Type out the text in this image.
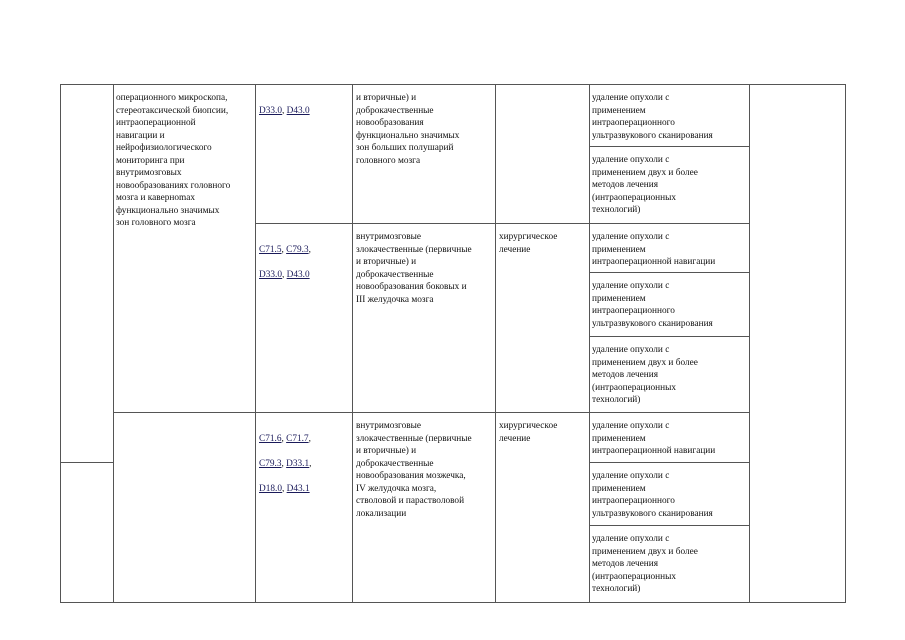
операционного микроскопа,
стереотаксической биопсии,
интраоперационной
навигации и
нейрофизиологического
мониторинга при
внутримозговых
новообразованиях головного
мозга и кавернomах
функционально значимых
зон головного мозга

D33.0, D43.0

и вторичные) и
доброкачественные
новообразования
функционально значимых
зон больших полушарий
головного мозга
удаление опухоли с
применением
интраоперационного
ультразвукового сканирования
удаление опухоли с
применением двух и более
методов лечения
(интраоперационных
технологий)

C71.5, C79.3,

D33.0, D43.0

внутримозговые
злокачественные (первичные
и вторичные) и
доброкачественные
новообразования боковых и
III желудочка мозга
хирургическое
лечение
удаление опухоли с
применением
интраоперационной навигации
удаление опухоли с
применением
интраоперационного
ультразвукового сканирования
удаление опухоли с
применением двух и более
методов лечения
(интраоперационных
технологий)

C71.6, C71.7,

C79.3, D33.1,

D18.0, D43.1

внутримозговые
злокачественные (первичные
и вторичные) и
доброкачественные
новообразования мозжечка,
IV желудочка мозга,
стволовой и парастволовой
локализации
хирургическое
лечение
удаление опухоли с
применением
интраоперационной навигации
удаление опухоли с
применением
интраоперационного
ультразвукового сканирования
удаление опухоли с
применением двух и более
методов лечения
(интраоперационных
технологий)
